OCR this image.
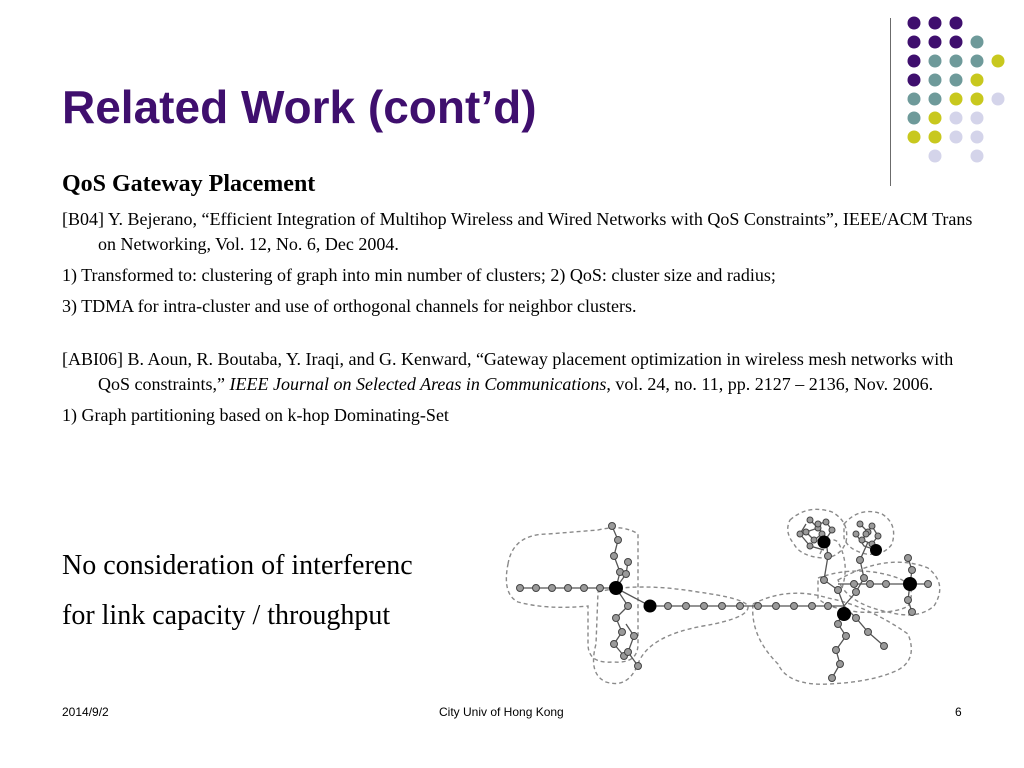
Related Work (cont’d)

QoS Gateway Placement

[B04] Y. Bejerano, “Efficient Integration of Multihop Wireless and Wired Networks with QoS Constraints”, IEEE/ACM Trans on Networking, Vol. 12, No. 6, Dec 2004.

1) Transformed to: clustering of graph into min number of clusters; 2) QoS: cluster size and radius;

3) TDMA for intra-cluster and use of orthogonal channels for neighbor clusters.

[ABI06] B. Aoun, R. Boutaba, Y. Iraqi, and G. Kenward, “Gateway placement optimization in wireless mesh networks with QoS constraints,” IEEE Journal on Selected Areas in Communications, vol. 24, no. 11, pp. 2127 – 2136, Nov. 2006.

1) Graph partitioning based on k-hop Dominating-Set

No consideration of interferenc
for link capacity / throughput
2014/9/2	City Univ of Hong Kong	6
